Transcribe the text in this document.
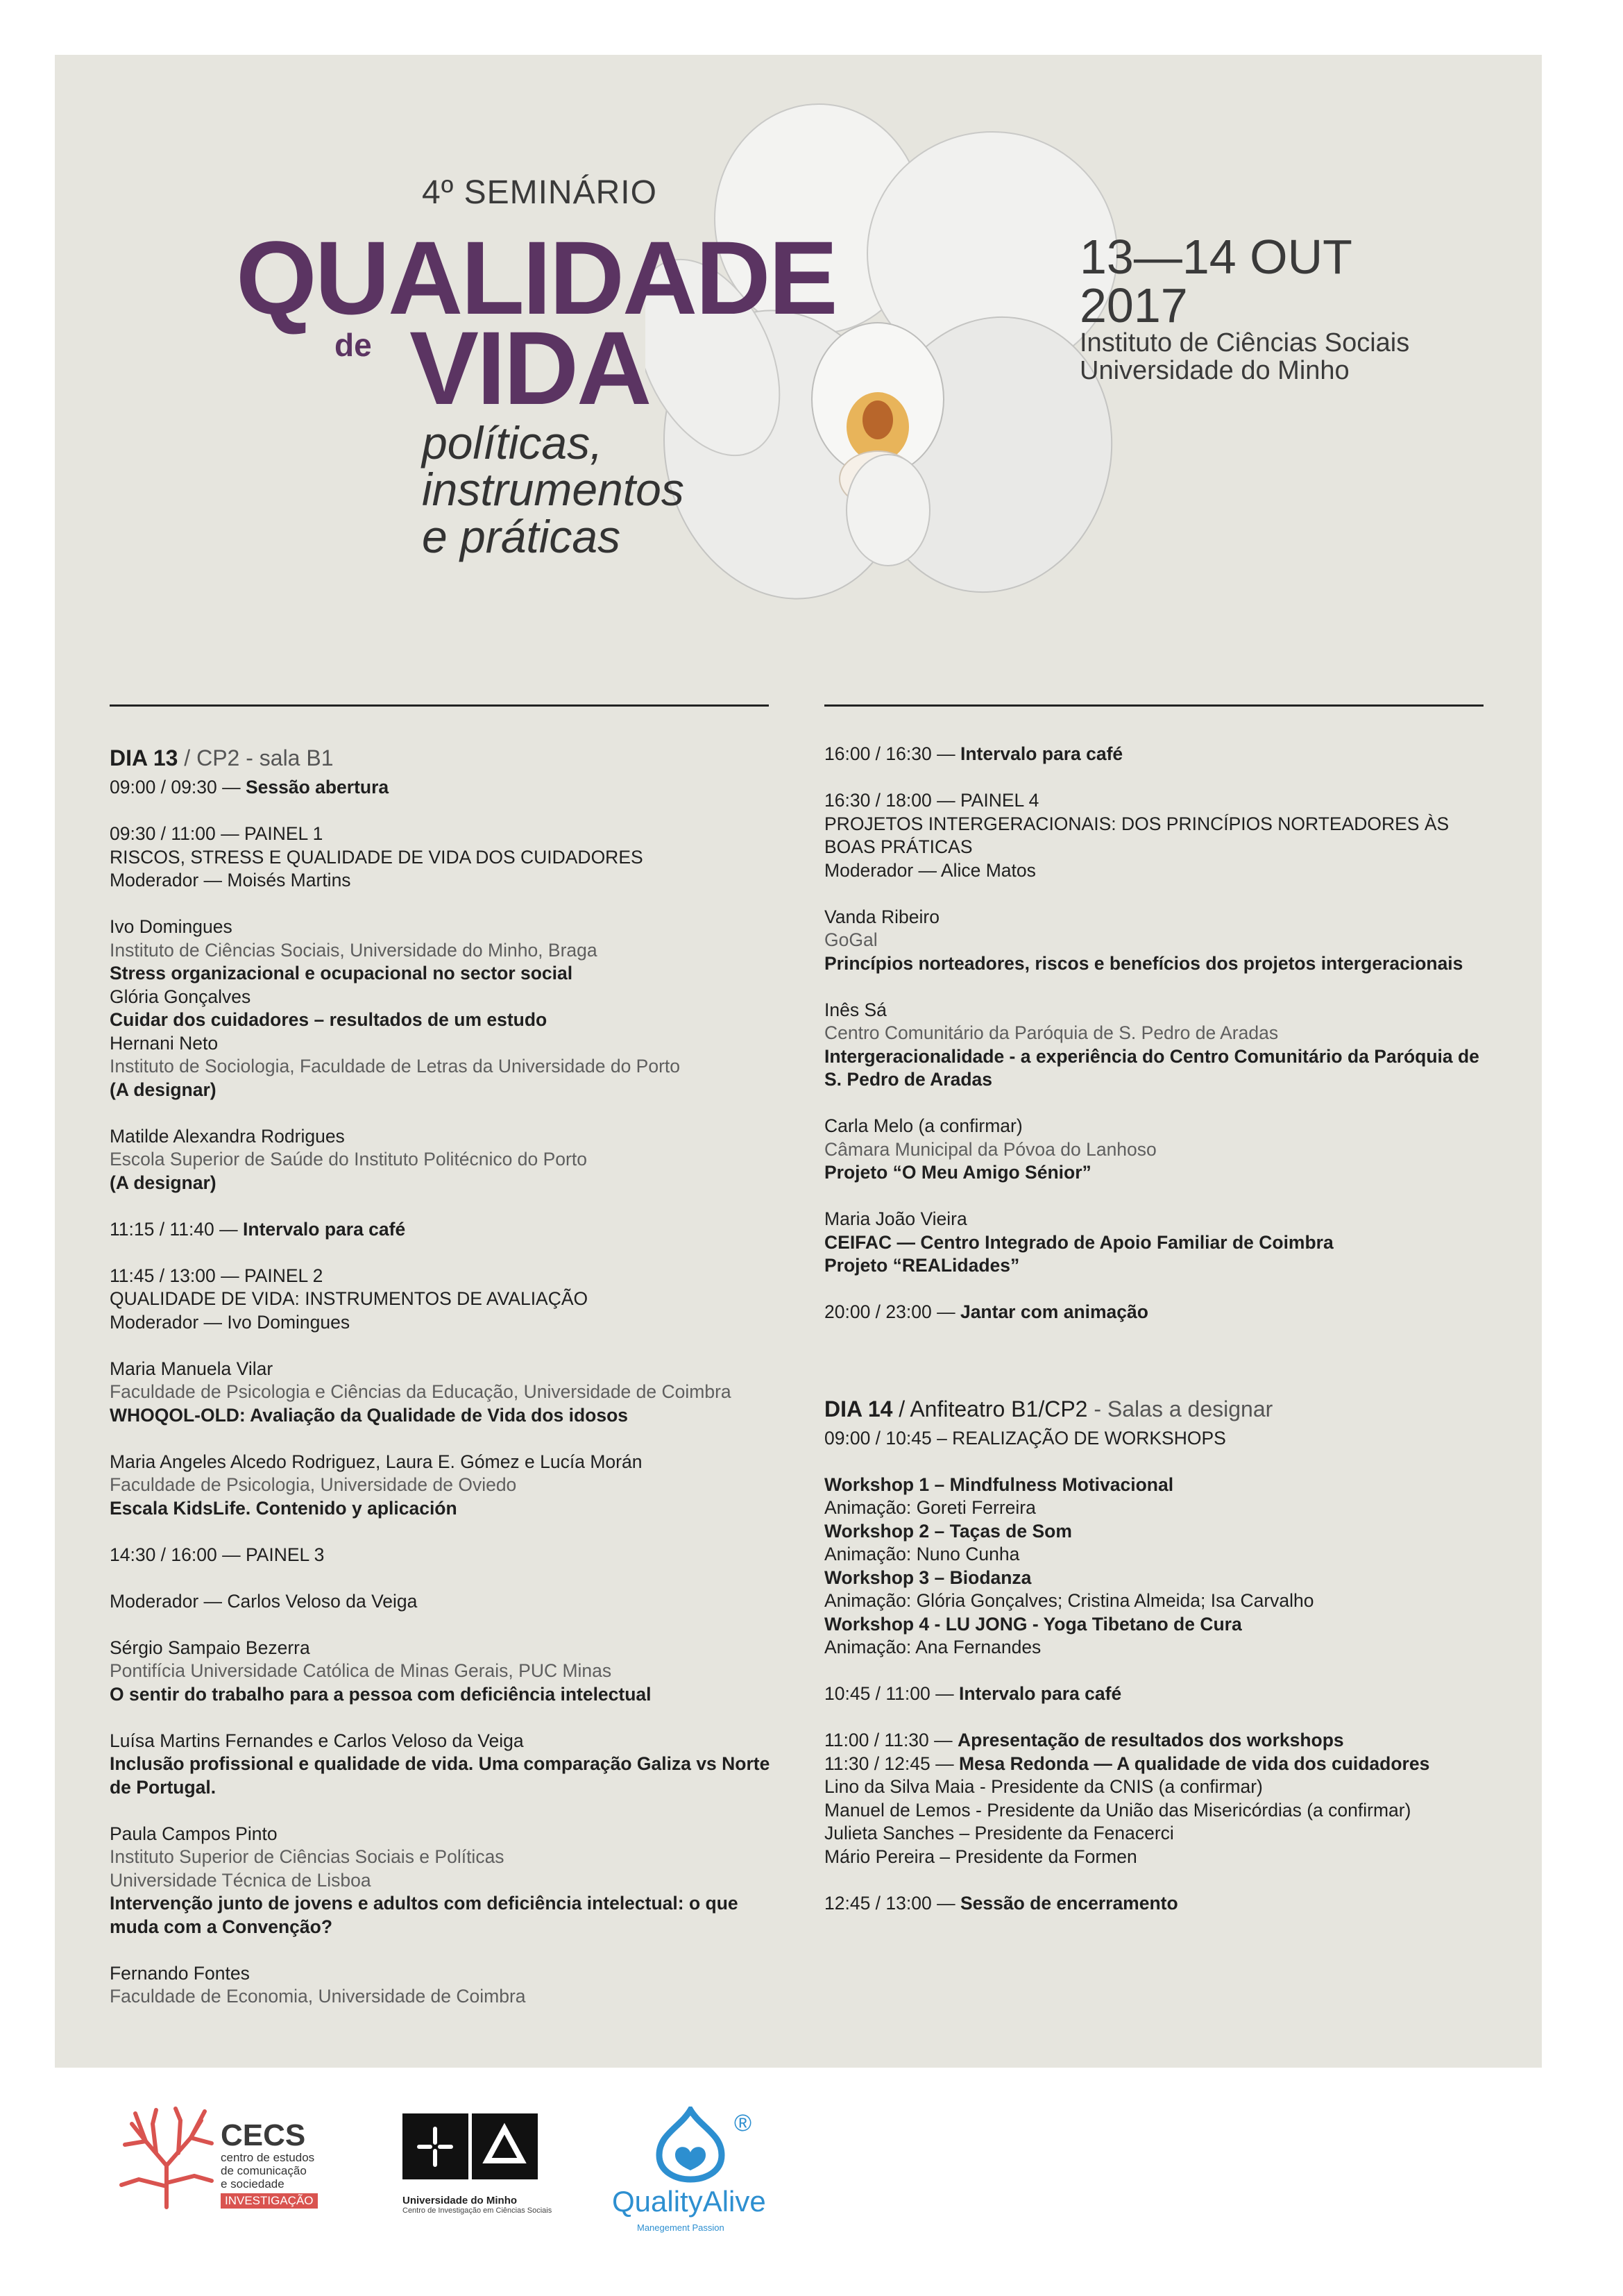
4º SEMINÁRIO
QUALIDADE
de VIDA
políticas,
instrumentos
e práticas
13—14 OUT
2017
Instituto de Ciências Sociais
Universidade do Minho
DIA 13 / CP2 - sala B1
09:00 / 09:30 — Sessão abertura
09:30 / 11:00 — PAINEL 1
RISCOS, STRESS E QUALIDADE DE VIDA DOS CUIDADORES
Moderador — Moisés Martins
Ivo Domingues
Instituto de Ciências Sociais, Universidade do Minho, Braga
Stress organizacional e ocupacional no sector social
Glória Gonçalves
Cuidar dos cuidadores – resultados de um estudo
Hernani Neto
Instituto de Sociologia, Faculdade de Letras da Universidade do Porto
(A designar)
Matilde Alexandra Rodrigues
Escola Superior de Saúde do Instituto Politécnico do Porto
(A designar)
11:15 / 11:40 — Intervalo para café
11:45 / 13:00 — PAINEL 2
QUALIDADE DE VIDA: INSTRUMENTOS DE AVALIAÇÃO
Moderador — Ivo Domingues
Maria Manuela Vilar
Faculdade de Psicologia e Ciências da Educação, Universidade de Coimbra
WHOQOL-OLD: Avaliação da Qualidade de Vida dos idosos
Maria Angeles Alcedo Rodriguez, Laura E. Gómez e Lucía Morán
Faculdade de Psicologia, Universidade de Oviedo
Escala KidsLife. Contenido y aplicación
14:30 / 16:00 — PAINEL 3
Moderador — Carlos Veloso da Veiga
Sérgio Sampaio Bezerra
Pontifícia Universidade Católica de Minas Gerais, PUC Minas
O sentir do trabalho para a pessoa com deficiência intelectual
Luísa Martins Fernandes e Carlos Veloso da Veiga
Inclusão profissional e qualidade de vida. Uma comparação Galiza vs Norte de Portugal.
Paula Campos Pinto
Instituto Superior de Ciências Sociais e Políticas
Universidade Técnica de Lisboa
Intervenção junto de jovens e adultos com deficiência intelectual: o que muda com a Convenção?
Fernando Fontes
Faculdade de Economia, Universidade de Coimbra
16:00 / 16:30 — Intervalo para café
16:30 / 18:00 — PAINEL 4
PROJETOS INTERGERACIONAIS: DOS PRINCÍPIOS NORTEADORES ÀS BOAS PRÁTICAS
Moderador — Alice Matos
Vanda Ribeiro
GoGal
Princípios norteadores, riscos e benefícios dos projetos intergeracionais
Inês Sá
Centro Comunitário da Paróquia de S. Pedro de Aradas
Intergeracionalidade - a experiência do Centro Comunitário da Paróquia de S. Pedro de Aradas
Carla Melo (a confirmar)
Câmara Municipal da Póvoa do Lanhoso
Projeto “O Meu Amigo Sénior”
Maria João Vieira
CEIFAC — Centro Integrado de Apoio Familiar de Coimbra
Projeto “REALidades”
20:00 / 23:00 — Jantar com animação
DIA 14 / Anfiteatro B1/CP2 - Salas a designar
09:00 / 10:45 – REALIZAÇÃO DE WORKSHOPS
Workshop 1 – Mindfulness Motivacional
Animação: Goreti Ferreira
Workshop 2 – Taças de Som
Animação: Nuno Cunha
Workshop 3 – Biodanza
Animação: Glória Gonçalves; Cristina Almeida; Isa Carvalho
Workshop 4 - LU JONG - Yoga Tibetano de Cura
Animação: Ana Fernandes
10:45 / 11:00 — Intervalo para café
11:00 / 11:30 — Apresentação de resultados dos workshops
11:30 / 12:45 — Mesa Redonda — A qualidade de vida dos cuidadores
Lino da Silva Maia - Presidente da CNIS (a confirmar)
Manuel de Lemos - Presidente da União das Misericórdias (a confirmar)
Julieta Sanches – Presidente da Fenacerci
Mário Pereira – Presidente da Formen
12:45 / 13:00 — Sessão de encerramento
CECS
centro de estudos
de comunicação
e sociedade
INVESTIGAÇÃO	Universidade do Minho
Centro de Investigação em Ciências Sociais
®
QualityAlive
Manegement Passion
